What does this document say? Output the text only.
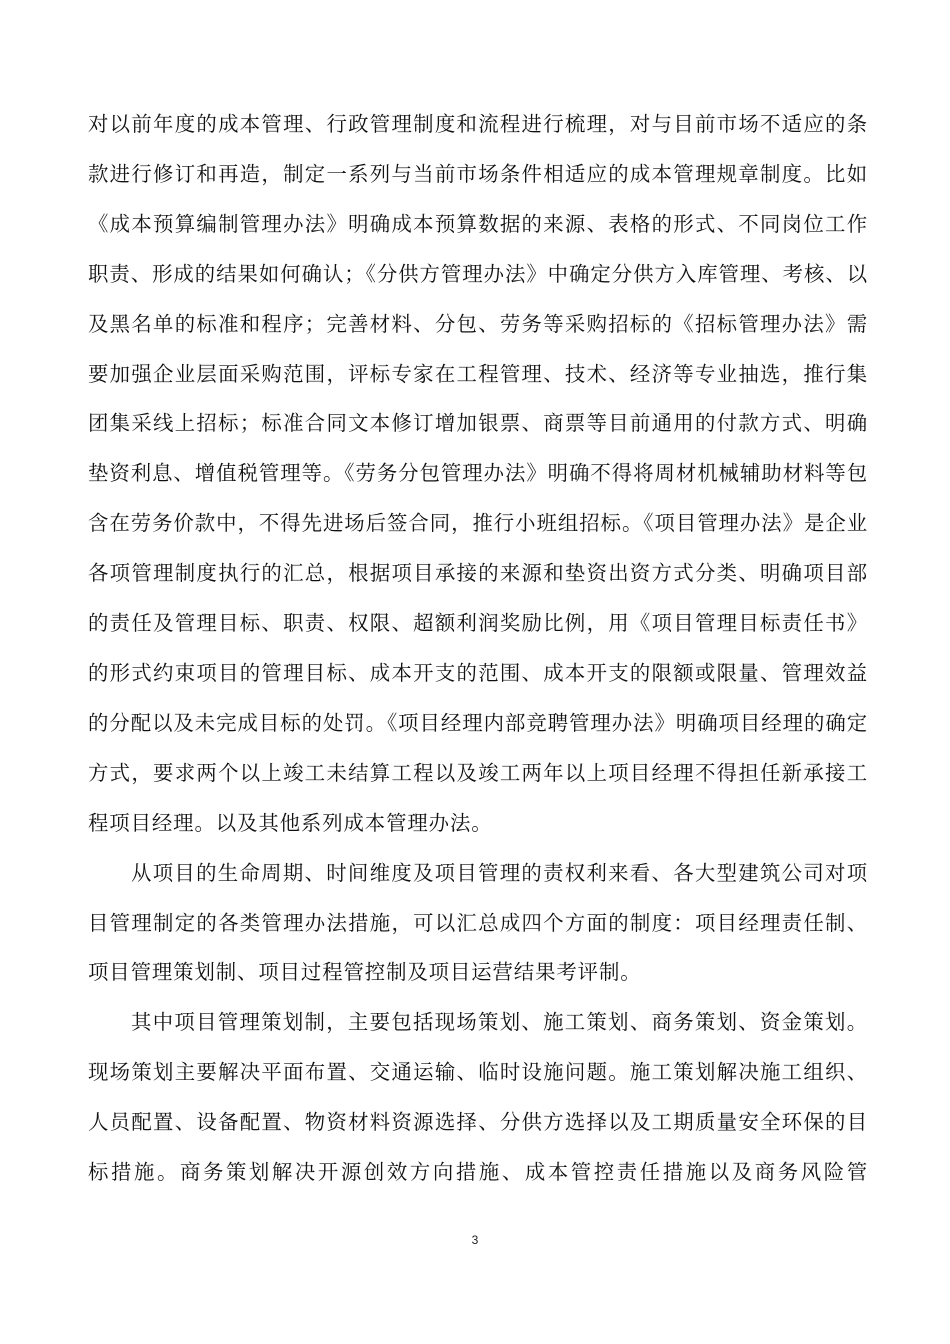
对以前年度的成本管理、行政管理制度和流程进行梳理，对与目前市场不适应的条款进行修订和再造，制定一系列与当前市场条件相适应的成本管理规章制度。比如《成本预算编制管理办法》明确成本预算数据的来源、表格的形式、不同岗位工作职责、形成的结果如何确认；《分供方管理办法》中确定分供方入库管理、考核、以及黑名单的标准和程序；完善材料、分包、劳务等采购招标的《招标管理办法》需要加强企业层面采购范围，评标专家在工程管理、技术、经济等专业抽选，推行集团集采线上招标；标准合同文本修订增加银票、商票等目前通用的付款方式、明确垫资利息、增值税管理等。《劳务分包管理办法》明确不得将周材机械辅助材料等包含在劳务价款中，不得先进场后签合同，推行小班组招标。《项目管理办法》是企业各项管理制度执行的汇总，根据项目承接的来源和垫资出资方式分类、明确项目部的责任及管理目标、职责、权限、超额利润奖励比例，用《项目管理目标责任书》的形式约束项目的管理目标、成本开支的范围、成本开支的限额或限量、管理效益的分配以及未完成目标的处罚。《项目经理内部竞聘管理办法》明确项目经理的确定方式，要求两个以上竣工未结算工程以及竣工两年以上项目经理不得担任新承接工程项目经理。以及其他系列成本管理办法。

从项目的生命周期、时间维度及项目管理的责权利来看、各大型建筑公司对项目管理制定的各类管理办法措施，可以汇总成四个方面的制度：项目经理责任制、项目管理策划制、项目过程管控制及项目运营结果考评制。

其中项目管理策划制，主要包括现场策划、施工策划、商务策划、资金策划。现场策划主要解决平面布置、交通运输、临时设施问题。施工策划解决施工组织、人员配置、设备配置、物资材料资源选择、分供方选择以及工期质量安全环保的目标措施。商务策划解决开源创效方向措施、成本管控责任措施以及商务风险管

3
